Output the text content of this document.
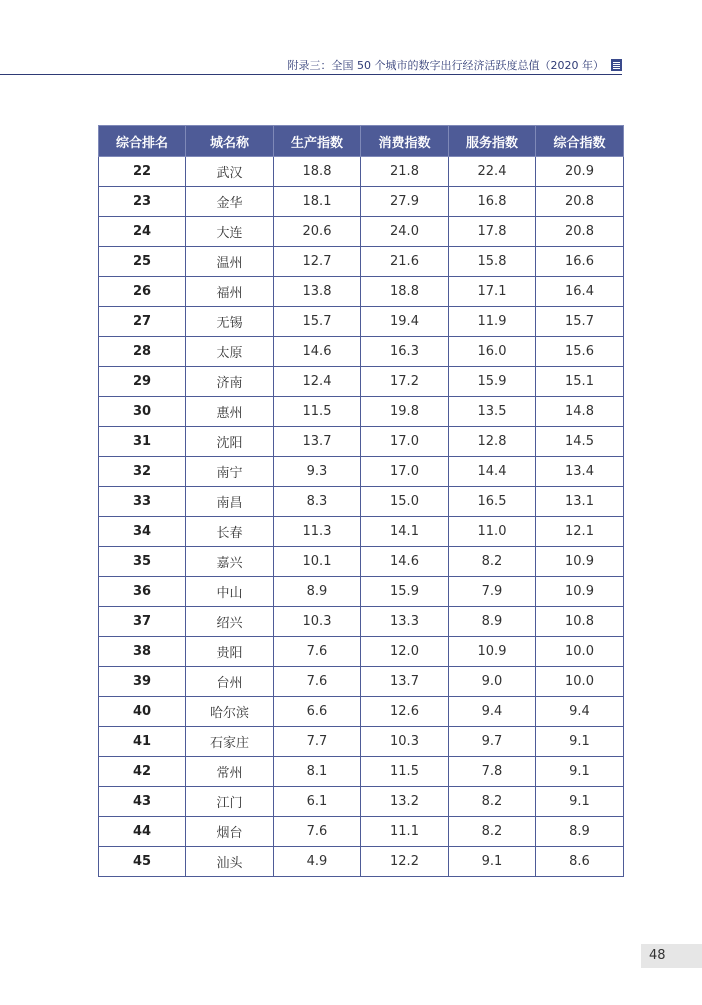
附录三：全国 50 个城市的数字出行经济活跃度总值（2020 年）
综合排名	城名称	生产指数	消费指数	服务指数	综合指数
22	武汉	18.8	21.8	22.4	20.9
23	金华	18.1	27.9	16.8	20.8
24	大连	20.6	24.0	17.8	20.8
25	温州	12.7	21.6	15.8	16.6
26	福州	13.8	18.8	17.1	16.4
27	无锡	15.7	19.4	11.9	15.7
28	太原	14.6	16.3	16.0	15.6
29	济南	12.4	17.2	15.9	15.1
30	惠州	11.5	19.8	13.5	14.8
31	沈阳	13.7	17.0	12.8	14.5
32	南宁	9.3	17.0	14.4	13.4
33	南昌	8.3	15.0	16.5	13.1
34	长春	11.3	14.1	11.0	12.1
35	嘉兴	10.1	14.6	8.2	10.9
36	中山	8.9	15.9	7.9	10.9
37	绍兴	10.3	13.3	8.9	10.8
38	贵阳	7.6	12.0	10.9	10.0
39	台州	7.6	13.7	9.0	10.0
40	哈尔滨	6.6	12.6	9.4	9.4
41	石家庄	7.7	10.3	9.7	9.1
42	常州	8.1	11.5	7.8	9.1
43	江门	6.1	13.2	8.2	9.1
44	烟台	7.6	11.1	8.2	8.9
45	汕头	4.9	12.2	9.1	8.6
48
